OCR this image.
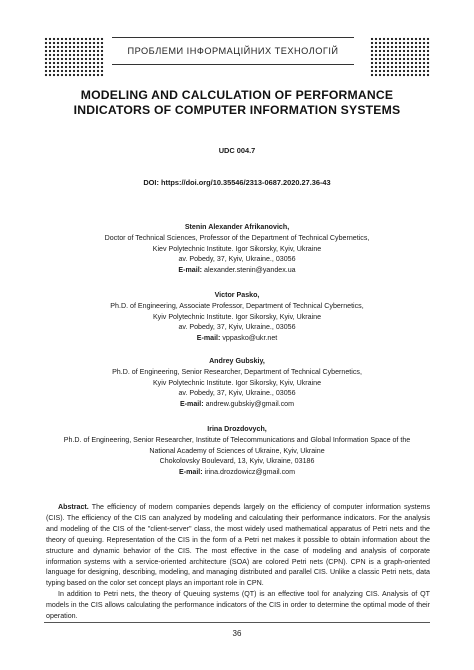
ПРОБЛЕМИ ІНФОРМАЦІЙНИХ ТЕХНОЛОГІЙ
MODELING AND CALCULATION OF PERFORMANCE
INDICATORS OF COMPUTER INFORMATION SYSTEMS
UDC 004.7
DOI: https://doi.org/10.35546/2313-0687.2020.27.36-43
Stenin Alexander Afrikanovich,
Doctor of Technical Sciences, Professor of the Department of Technical Cybernetics,
Kiev Polytechnic Institute. Igor Sikorsky, Kyiv, Ukraine
av. Pobedy, 37, Kyiv, Ukraine., 03056
E-mail: alexander.stenin@yandex.ua
Victor Pasko,
Ph.D. of Engineering, Associate Professor, Department of Technical Cybernetics,
Kyiv Polytechnic Institute. Igor Sikorsky, Kyiv, Ukraine
av. Pobedy, 37, Kyiv, Ukraine., 03056
E-mail: vppasko@ukr.net
Andrey Gubskiy,
Ph.D. of Engineering, Senior Researcher, Department of Technical Cybernetics,
Kyiv Polytechnic Institute. Igor Sikorsky, Kyiv, Ukraine
av. Pobedy, 37, Kyiv, Ukraine., 03056
E-mail: andrew.gubskiy@gmail.com
Irina Drozdovych,
Ph.D. of Engineering, Senior Researcher, Institute of Telecommunications and Global Information Space of the
National Academy of Sciences of Ukraine, Kyiv, Ukraine
Chokolovsky Boulevard, 13, Kyiv, Ukraine, 03186
E-mail: irina.drozdowicz@gmail.com

Abstract. The efficiency of modern companies depends largely on the efficiency of computer information systems (CIS). The efficiency of the CIS can analyzed by modeling and calculating their performance indicators. For the analysis and modeling of the CIS of the "client-server" class, the most widely used mathematical apparatus of Petri nets and the theory of queuing. Representation of the CIS in the form of a Petri net makes it possible to obtain information about the structure and dynamic behavior of the CIS. The most effective in the case of modeling and analysis of corporate information systems with a service-oriented architecture (SOA) are colored Petri nets (CPN). CPN is a graph-oriented language for designing, describing, modeling, and managing distributed and parallel CIS. Unlike a classic Petri nets, data typing based on the color set concept plays an important role in CPN.

In addition to Petri nets, the theory of Queuing systems (QT) is an effective tool for analyzing CIS. Analysis of QT models in the CIS allows calculating the performance indicators of the CIS in order to determine the optimal mode of their operation.

36
